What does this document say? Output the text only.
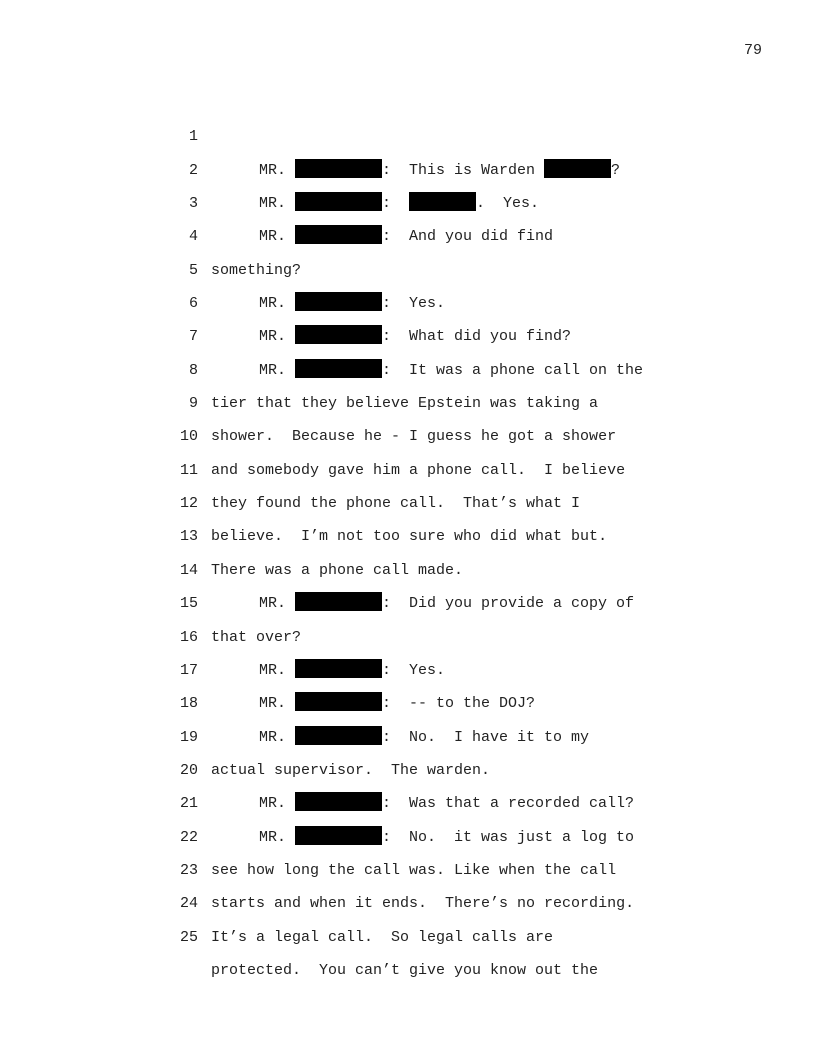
79

1

MR.	:  This is Warden	?

2

MR.	:	.  Yes.

3

MR.	:  And you did find

4

something?

5

MR.	:  Yes.

6

MR.	:  What did you find?

7

MR.	:  It was a phone call on the

8

tier that they believe Epstein was taking a

9

shower.  Because he - I guess he got a shower

10

and somebody gave him a phone call.  I believe

11

they found the phone call.  That’s what I

12

believe.  I’m not too sure who did what but.

13

There was a phone call made.

14

MR.	:  Did you provide a copy of

15

that over?

16

MR.	:  Yes.

17

MR.	:  -- to the DOJ?

18

MR.	:  No.  I have it to my

19

actual supervisor.  The warden.

20

MR.	:  Was that a recorded call?

21

MR.	:  No.  it was just a log to

22

see how long the call was. Like when the call

23

starts and when it ends.  There’s no recording.

24

It’s a legal call.  So legal calls are

25

protected.  You can’t give you know out the
